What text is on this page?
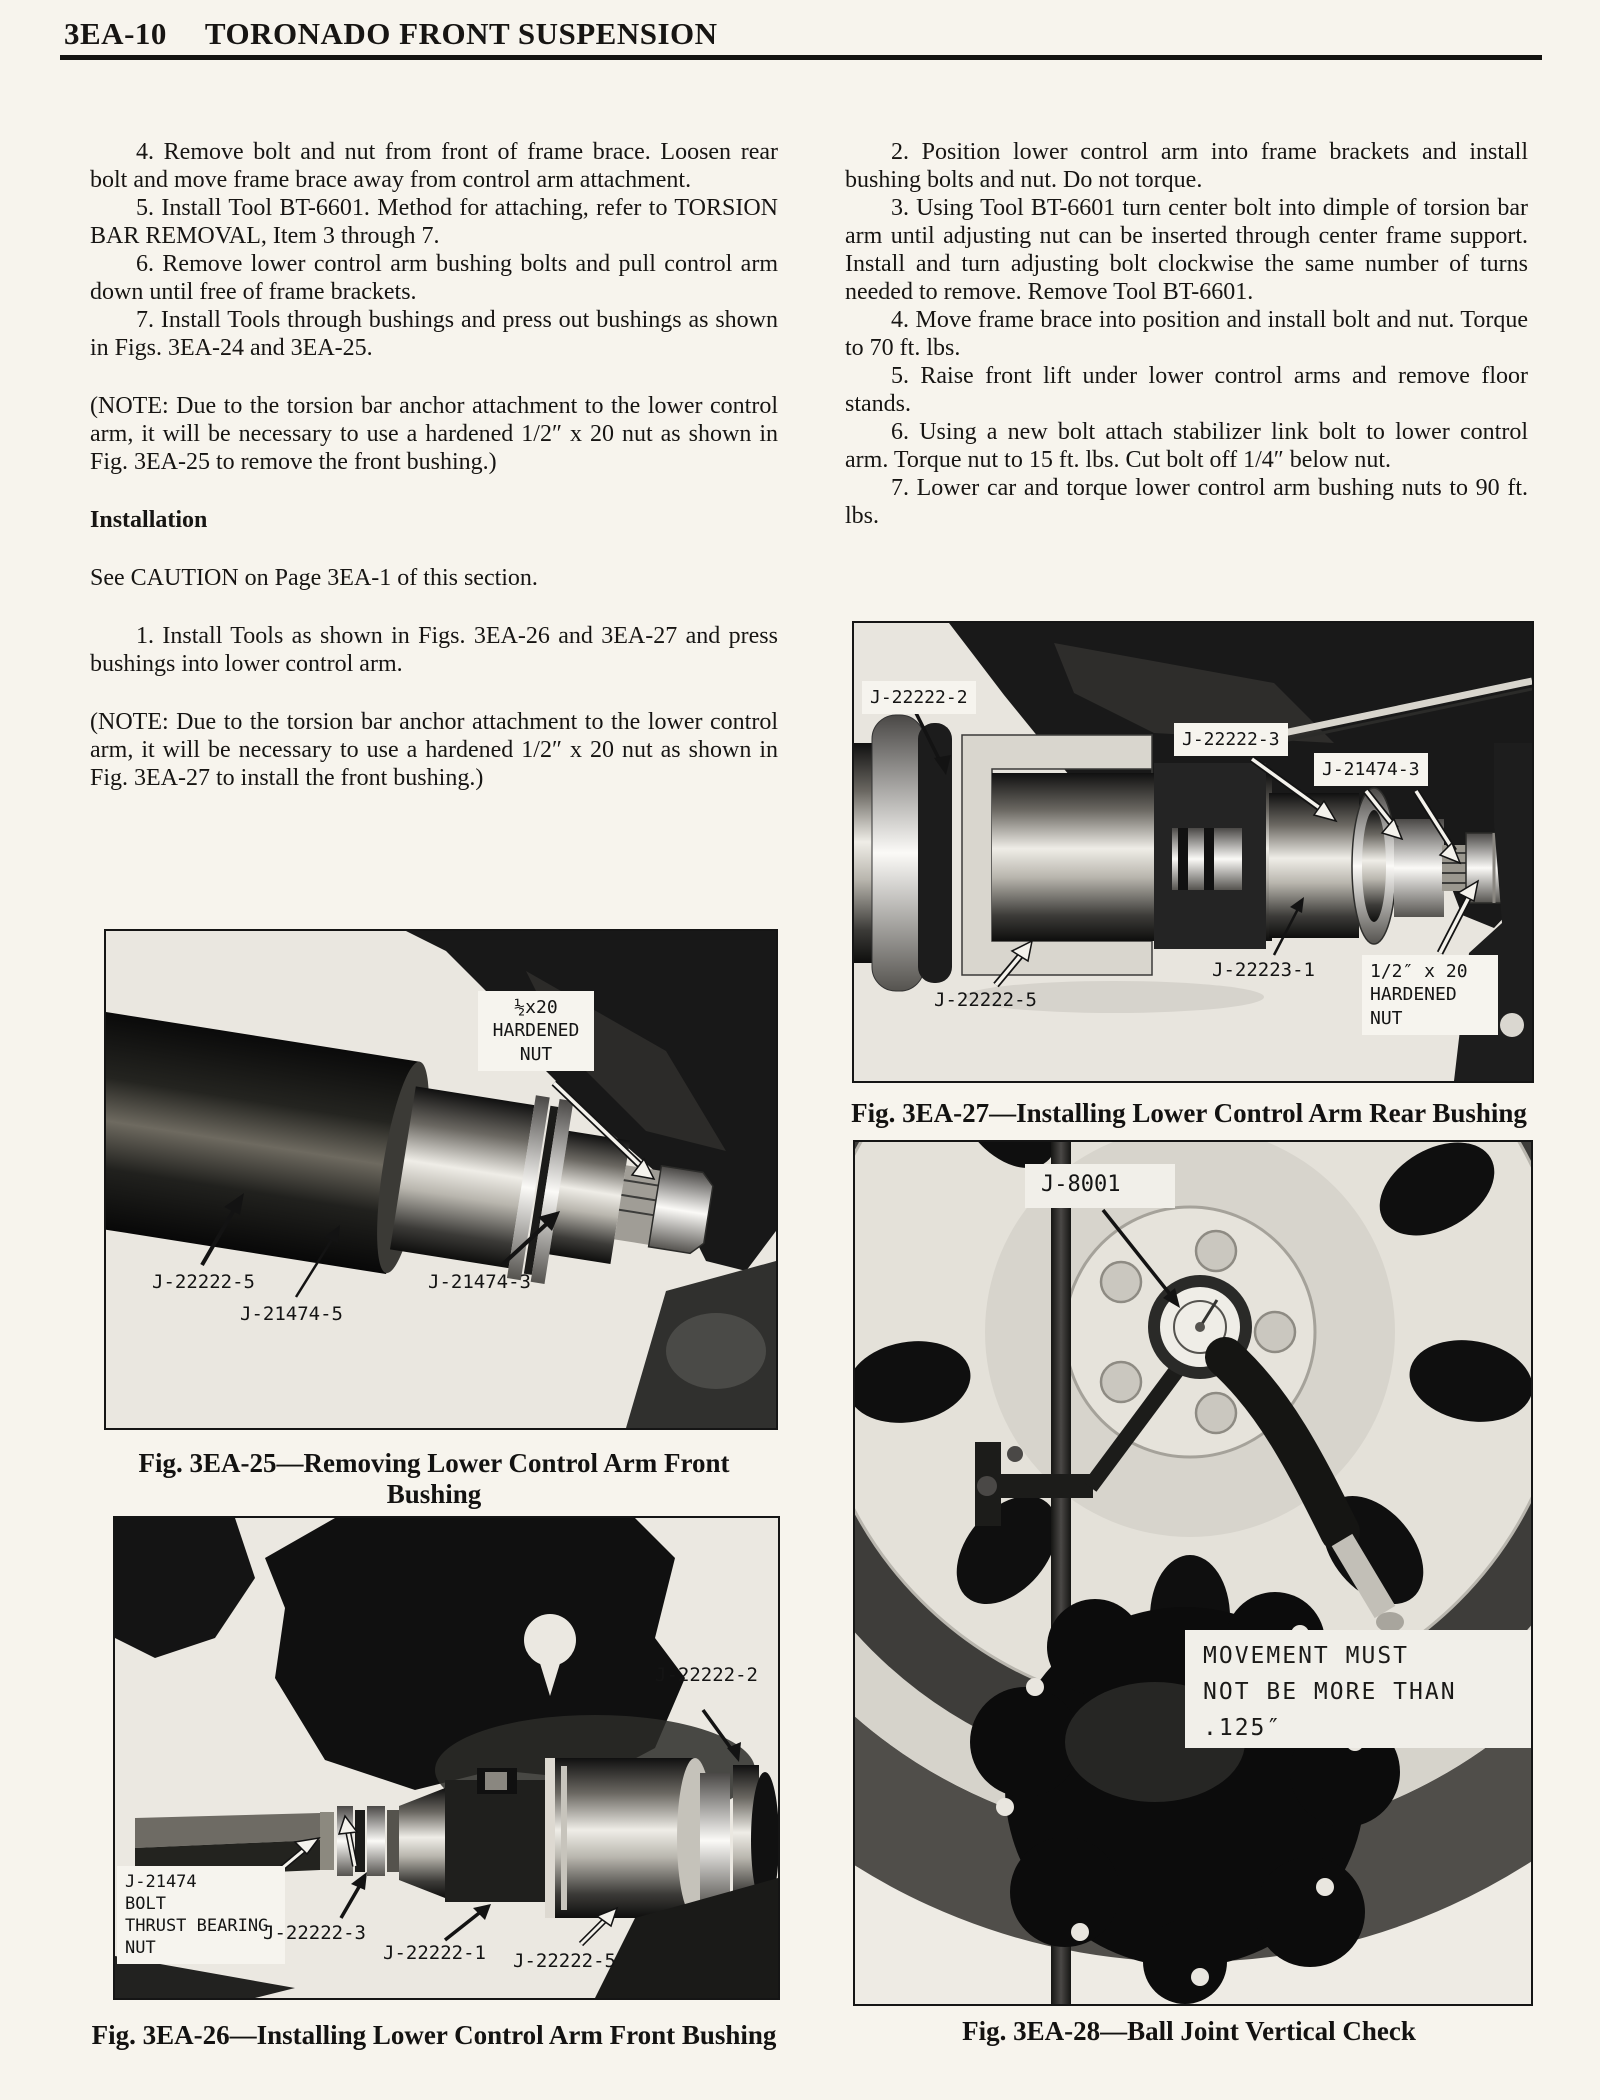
3EA-10 TORONADO FRONT SUSPENSION

4. Remove bolt and nut from front of frame brace. Loosen rear bolt and move frame brace away from control arm attachment.

5. Install Tool BT-6601. Method for attaching, refer to TORSION BAR REMOVAL, Item 3 through 7.

6. Remove lower control arm bushing bolts and pull control arm down until free of frame brackets.

7. Install Tools through bushings and press out bushings as shown in Figs. 3EA-24 and 3EA-25.

(NOTE: Due to the torsion bar anchor attachment to the lower control arm, it will be necessary to use a hardened 1/2″ x 20 nut as shown in Fig. 3EA-25 to remove the front bushing.)

Installation

See CAUTION on Page 3EA-1 of this section.

1. Install Tools as shown in Figs. 3EA-26 and 3EA-27 and press bushings into lower control arm.

(NOTE: Due to the torsion bar anchor attachment to the lower control arm, it will be necessary to use a hardened 1/2″ x 20 nut as shown in Fig. 3EA-27 to install the front bushing.)

2. Position lower control arm into frame brackets and install bushing bolts and nut. Do not torque.

3. Using Tool BT-6601 turn center bolt into dimple of torsion bar arm until adjusting nut can be inserted through center frame support. Install and turn adjusting bolt clockwise the same number of turns needed to remove. Remove Tool BT-6601.

4. Move frame brace into position and install bolt and nut. Torque to 70 ft. lbs.

5. Raise front lift under lower control arms and remove floor stands.

6. Using a new bolt attach stabilizer link bolt to lower control arm. Torque nut to 15 ft. lbs. Cut bolt off 1/4″ below nut.

7. Lower car and torque lower control arm bushing nuts to 90 ft. lbs.

J-22222-2
J-22222-3
J-21474-3
J-22222-5
J-22223-1	1/2″ x 20
HARDENED
NUT
Fig. 3EA-27—Installing Lower Control Arm Rear Bushing
½x20
HARDENED
NUT
J-22222-5
J-21474-5
J-21474-3
Fig. 3EA-25—Removing Lower Control Arm Front Bushing
J-22222-2
J-21474
BOLT
THRUST BEARING
NUT
J-22222-3
J-22222-1 J-22222-5
Fig. 3EA-26—Installing Lower Control Arm Front Bushing
J-8001
MOVEMENT MUST
NOT BE MORE THAN
.125″
Fig. 3EA-28—Ball Joint Vertical Check
